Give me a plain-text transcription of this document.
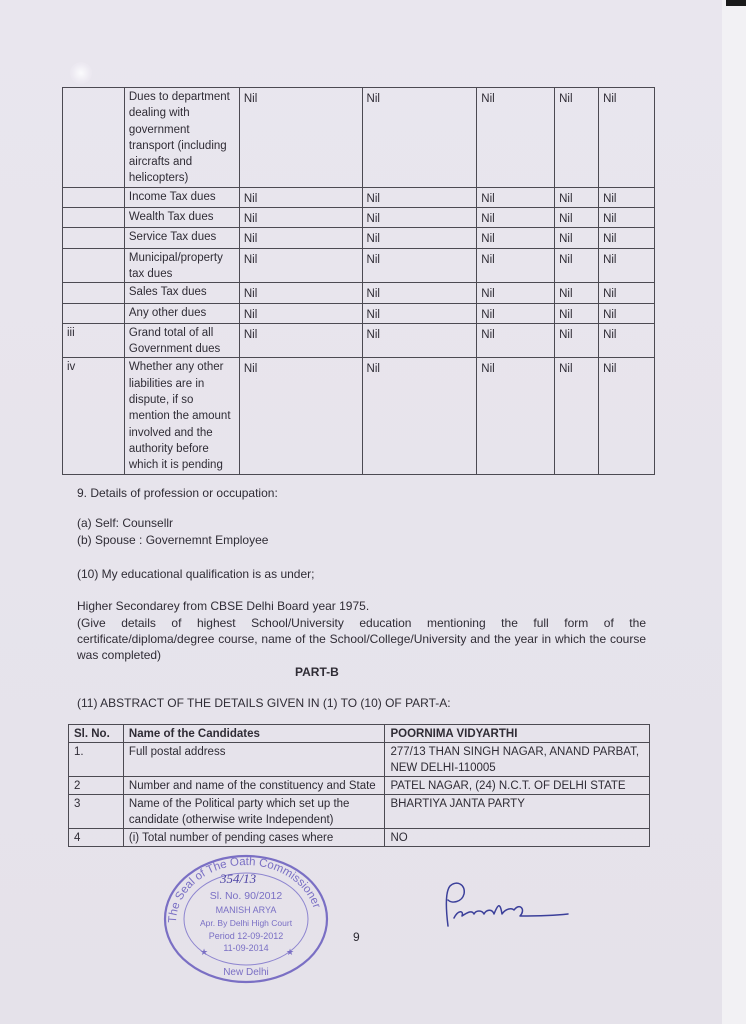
	Dues to department dealing with government transport (including aircrafts and helicopters)	Nil	Nil	Nil	Nil	Nil
	Income Tax dues	Nil	Nil	Nil	Nil	Nil
	Wealth Tax dues	Nil	Nil	Nil	Nil	Nil
	Service Tax dues	Nil	Nil	Nil	Nil	Nil
	Municipal/property tax dues	Nil	Nil	Nil	Nil	Nil
	Sales Tax dues	Nil	Nil	Nil	Nil	Nil
	Any other dues	Nil	Nil	Nil	Nil	Nil
iii	Grand total of all Government dues	Nil	Nil	Nil	Nil	Nil
iv	Whether any other liabilities are in dispute, if so mention the amount involved and the authority before which it is pending	Nil	Nil	Nil	Nil	Nil
9. Details of profession or occupation:
(a) Self: Counsellr
(b) Spouse : Governemnt Employee
(10) My educational qualification is as under;
Higher Secondarey from CBSE Delhi Board year 1975.
(Give details of highest School/University education mentioning the full form of the certificate/diploma/degree course, name of the School/College/University and the year in which the course was completed)
PART-B
(11) ABSTRACT OF THE DETAILS GIVEN IN (1) TO (10) OF PART-A:
Sl. No.	Name of the Candidates	POORNIMA VIDYARTHI
1.	Full postal address	277/13 THAN SINGH NAGAR, ANAND PARBAT,
NEW DELHI-110005

2	Number and name of the constituency and State	PATEL NAGAR, (24) N.C.T. OF DELHI STATE
3	Name of the Political party which set up the candidate (otherwise write Independent)	BHARTIYA JANTA PARTY
4	(i) Total number of pending cases where	NO
The Seal of The Oath Commissioner
354/13
Sl. No. 90/2012
MANISH ARYA
Apr. By Delhi High Court
Period 12-09-2012
11-09-2014
★	★
New Delhi
9
